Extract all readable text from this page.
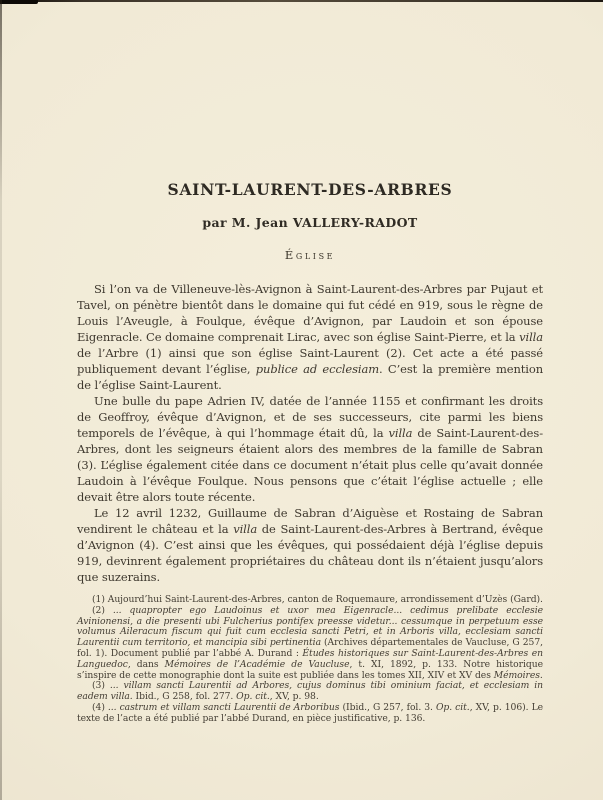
SAINT-LAURENT-DES-ARBRES
par M. Jean VALLERY-RADOT
Église

Si l’on va de Villeneuve-lès-Avignon à Saint-Laurent-des-Arbres par Pujaut et Tavel, on pénètre bientôt dans le domaine qui fut cédé en 919, sous le règne de Louis l’Aveugle, à Foulque, évêque d’Avignon, par Laudoin et son épouse Eigenracle. Ce domaine comprenait Lirac, avec son église Saint-Pierre, et la villa de l’Arbre (1) ainsi que son église Saint-Laurent (2). Cet acte a été passé publiquement devant l’église, publice ad ecclesiam. C’est la première mention de l’église Saint-Laurent.

Une bulle du pape Adrien IV, datée de l’année 1155 et confirmant les droits de Geoffroy, évêque d’Avignon, et de ses successeurs, cite parmi les biens temporels de l’évêque, à qui l’hommage était dû, la villa de Saint-Laurent-des-Arbres, dont les seigneurs étaient alors des membres de la famille de Sabran (3). L’église également citée dans ce document n’était plus celle qu’avait donnée Laudoin à l’évêque Foulque. Nous pensons que c’était l’église actuelle ; elle devait être alors toute récente.

Le 12 avril 1232, Guillaume de Sabran d’Aiguèse et Rostaing de Sabran vendirent le château et la villa de Saint-Laurent-des-Arbres à Bertrand, évêque d’Avignon (4). C’est ainsi que les évêques, qui possédaient déjà l’église depuis 919, devinrent également propriétaires du château dont ils n’étaient jusqu’alors que suzerains.

(1) Aujourd’hui Saint-Laurent-des-Arbres, canton de Roquemaure, arrondissement d’Uzès (Gard).

(2) ... quapropter ego Laudoinus et uxor mea Eigenracle... cedimus prelibate ecclesie Avinionensi, a die presenti ubi Fulcherius pontifex preesse videtur... cessumque in perpetuum esse volumus Aileracum fiscum qui fuit cum ecclesia sancti Petri, et in Arboris villa, ecclesiam sancti Laurentii cum territorio, et mancipia sibi pertinentia (Archives départementales de Vaucluse, G 257, fol. 1). Document publié par l’abbé A. Durand : Études historiques sur Saint-Laurent-des-Arbres en Languedoc, dans Mémoires de l’Académie de Vaucluse, t. XI, 1892, p. 133. Notre historique s’inspire de cette monographie dont la suite est publiée dans les tomes XII, XIV et XV des Mémoires.

(3) ... villam sancti Laurentii ad Arbores, cujus dominus tibi ominium faciat, et ecclesiam in eadem villa. Ibid., G 258, fol. 277. Op. cit., XV, p. 98.

(4) ... castrum et villam sancti Laurentii de Arboribus (Ibid., G 257, fol. 3. Op. cit., XV, p. 106). Le texte de l’acte a été publié par l’abbé Durand, en pièce justificative, p. 136.
